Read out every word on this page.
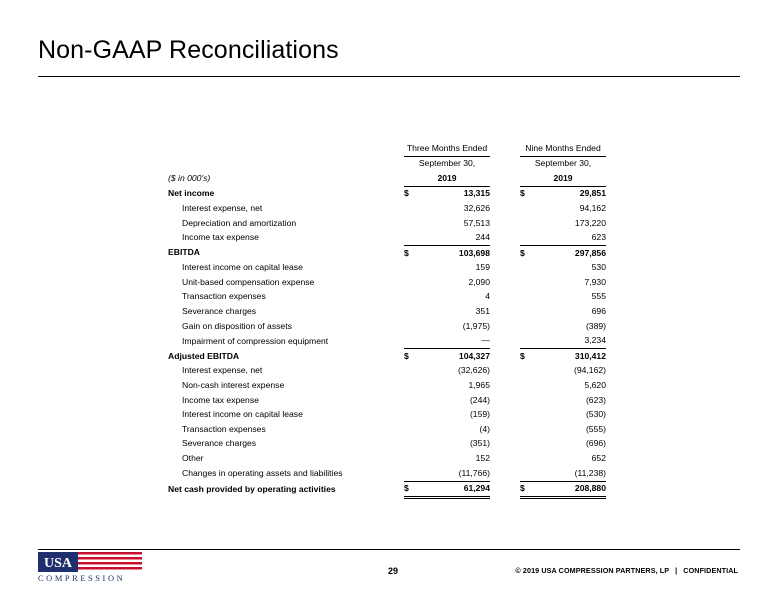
Non-GAAP Reconciliations
	Three Months Ended			Nine Months Ended	
	September 30,			September 30,	
($ in 000's)	2019			2019	
Net income	$	13,315		$	29,851
Interest expense, net		32,626			94,162
Depreciation and amortization		57,513			173,220
Income tax expense		244			623
EBITDA	$	103,698		$	297,856
Interest income on capital lease		159			530
Unit-based compensation expense		2,090			7,930
Transaction expenses		4			555
Severance charges		351			696
Gain on disposition of assets		(1,975)			(389)
Impairment of compression equipment		—			3,234
Adjusted EBITDA	$	104,327		$	310,412
Interest expense, net		(32,626)			(94,162)
Non-cash interest expense		1,965			5,620
Income tax expense		(244)			(623)
Interest income on capital lease		(159)			(530)
Transaction expenses		(4)			(555)
Severance charges		(351)			(696)
Other		152			652
Changes in operating assets and liabilities		(11,766)			(11,238)
Net cash provided by operating activities	$	61,294		$	208,880
USA
COMPRESSION
29	© 2019 USA COMPRESSION PARTNERS, LP | CONFIDENTIAL
